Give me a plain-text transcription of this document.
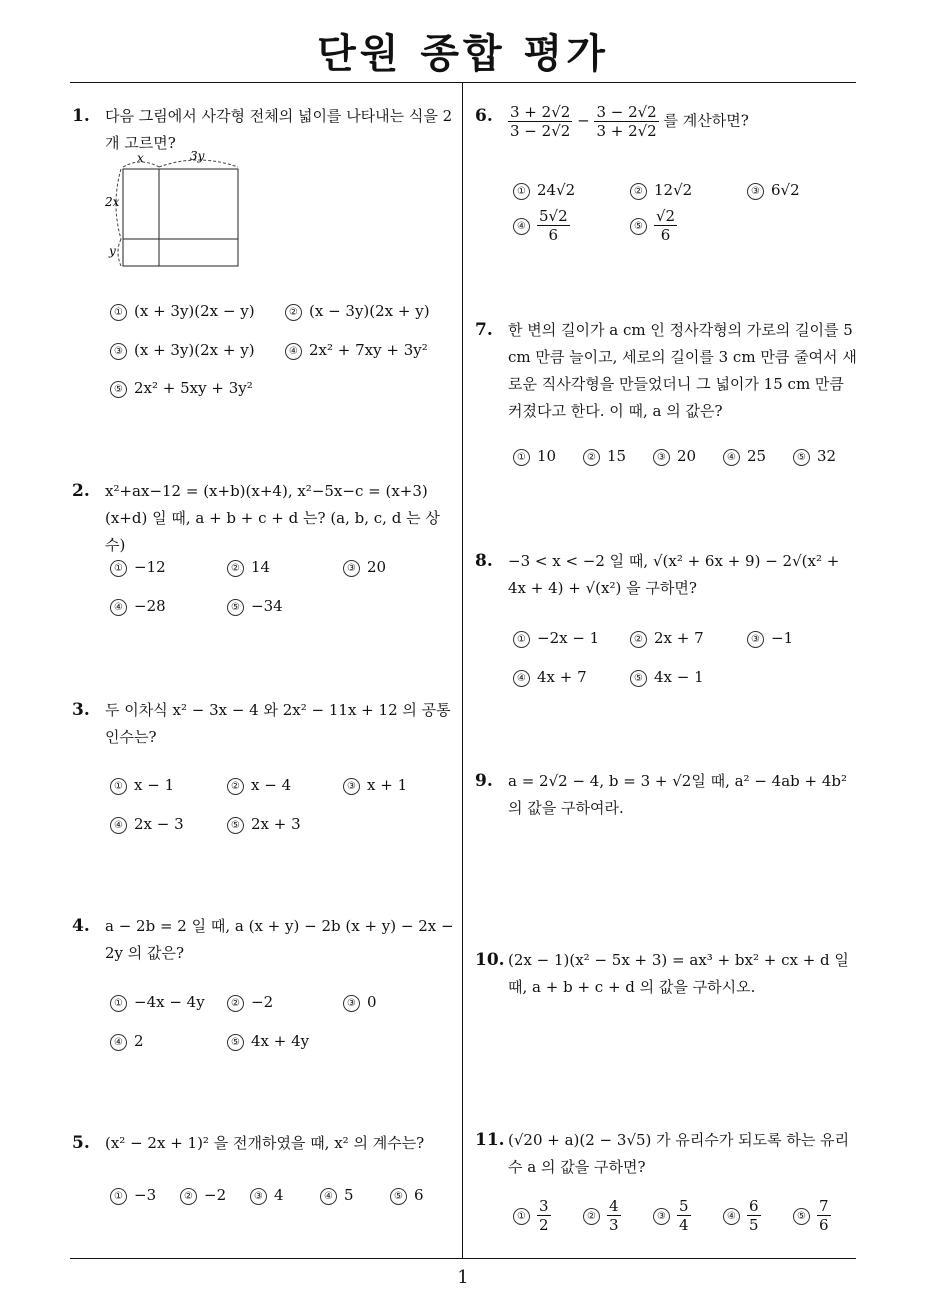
단원 종합 평가
1
1. 다음 그림에서 사각형 전체의 넓이를 나타내는 식을 2 개 고르면?
x	3y
2x
y
① (x + 3y)(2x − y)	② (x − 3y)(2x + y)
③ (x + 3y)(2x + y)	④ 2x² + 7xy + 3y²
⑤ 2x² + 5xy + 3y²
2. x²+ax−12 = (x+b)(x+4), x²−5x−c = (x+3)(x+d) 일 때, a + b + c + d 는? (a, b, c, d 는 상수)
① −12	② 14	③ 20
④ −28	⑤ −34
3. 두 이차식 x² − 3x − 4 와 2x² − 11x + 12 의 공통인수는?
① x − 1	② x − 4	③ x + 1
④ 2x − 3	⑤ 2x + 3
4. a − 2b = 2 일 때, a (x + y) − 2b (x + y) − 2x − 2y 의 값은?
① −4x − 4y	② −2	③ 0
④ 2	⑤ 4x + 4y
5. (x² − 2x + 1)² 을 전개하였을 때, x² 의 계수는?
① −3	② −2	③ 4	④ 5	⑤ 6
6. $\frac{3 + 2√2}{3 - 2√2} - \frac{3 - 2√2}{3 + 2√2}$ 를 계산하면?
① 24√2	② 12√2	③ 6√2
④ $\frac{5√2}{6}$	⑤ $\frac{√2}{6}$
7. 한 변의 길이가 a cm 인 정사각형의 가로의 길이를 5 cm 만큼 늘이고, 세로의 길이를 3 cm 만큼 줄여서 새로운 직사각형을 만들었더니 그 넓이가 15 cm 만큼 커졌다고 한다. 이 때, a 의 값은?
① 10	② 15	③ 20	④ 25	⑤ 32
8. −3 < x < −2 일 때, √(x² + 6x + 9) − 2√(x² + 4x + 4) + √(x²) 을 구하면?
① −2x − 1	② 2x + 7	③ −1
④ 4x + 7	⑤ 4x − 1
9. a = 2√2 − 4, b = 3 + √2일 때, a² − 4ab + 4b²의 값을 구하여라.
10. (2x − 1)(x² − 5x + 3) = ax³ + bx² + cx + d 일 때, a + b + c + d 의 값을 구하시오.
11. (√20 + a)(2 − 3√5) 가 유리수가 되도록 하는 유리수 a 의 값을 구하면?
① $\frac{3}{2}$	② $\frac{4}{3}$	③ $\frac{5}{4}$	④ $\frac{6}{5}$	⑤ $\frac{7}{6}$
